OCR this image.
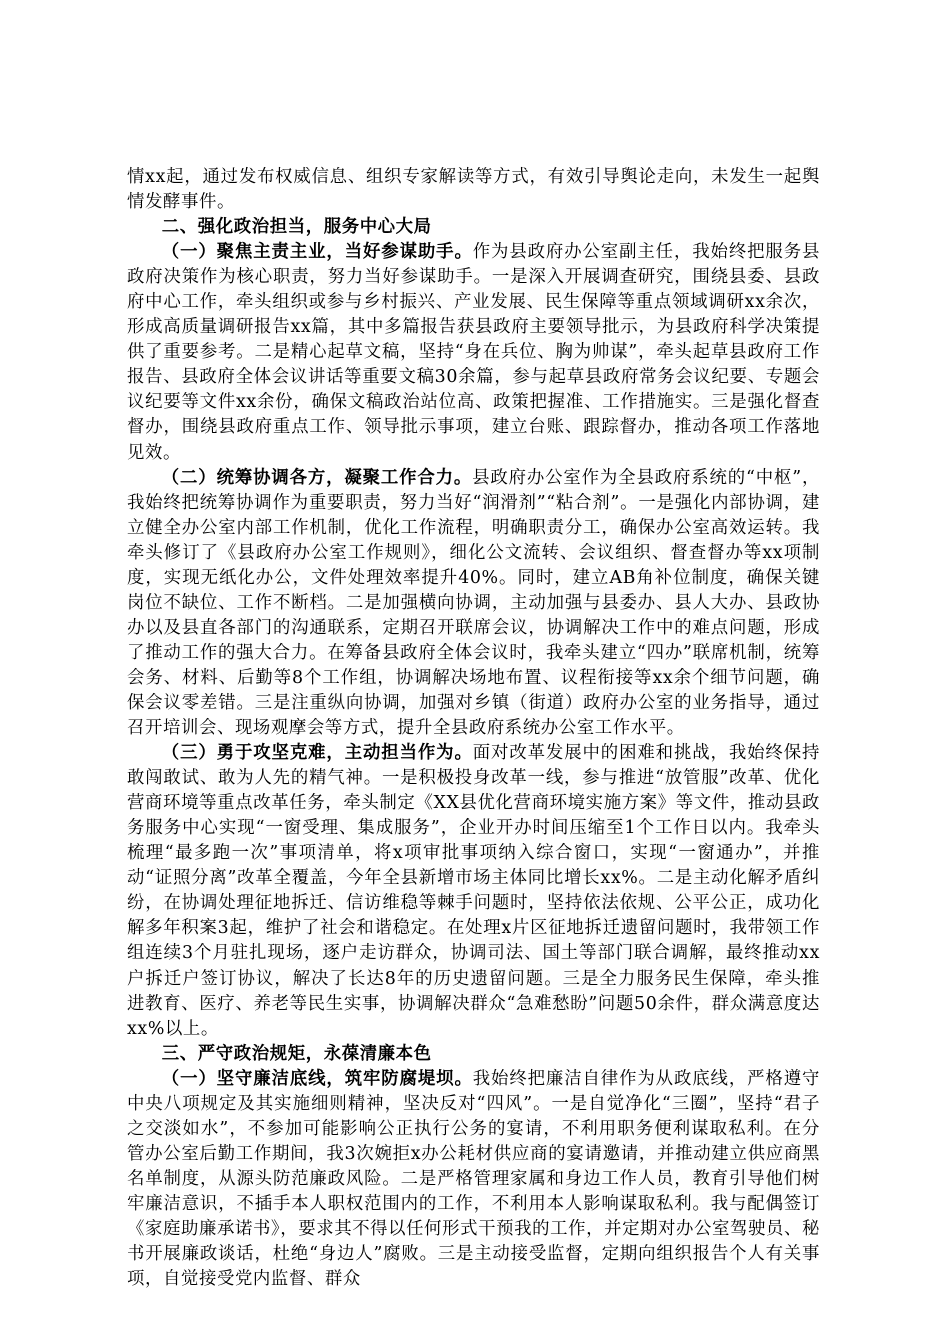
情xx起，通过发布权威信息、组织专家解读等方式，有效引导舆论走向，未发生一起舆情发酵事件。

二、强化政治担当，服务中心大局

（一）聚焦主责主业，当好参谋助手。作为县政府办公室副主任，我始终把服务县政府决策作为核心职责，努力当好参谋助手。一是深入开展调查研究，围绕县委、县政府中心工作，牵头组织或参与乡村振兴、产业发展、民生保障等重点领域调研xx余次，形成高质量调研报告xx篇，其中多篇报告获县政府主要领导批示，为县政府科学决策提供了重要参考。二是精心起草文稿，坚持“身在兵位、胸为帅谋”，牵头起草县政府工作报告、县政府全体会议讲话等重要文稿30余篇，参与起草县政府常务会议纪要、专题会议纪要等文件xx余份，确保文稿政治站位高、政策把握准、工作措施实。三是强化督查督办，围绕县政府重点工作、领导批示事项，建立台账、跟踪督办，推动各项工作落地见效。

（二）统筹协调各方，凝聚工作合力。县政府办公室作为全县政府系统的“中枢”，我始终把统筹协调作为重要职责，努力当好“润滑剂”“粘合剂”。一是强化内部协调，建立健全办公室内部工作机制，优化工作流程，明确职责分工，确保办公室高效运转。我牵头修订了《县政府办公室工作规则》，细化公文流转、会议组织、督查督办等xx项制度，实现无纸化办公，文件处理效率提升40%。同时，建立AB角补位制度，确保关键岗位不缺位、工作不断档。二是加强横向协调，主动加强与县委办、县人大办、县政协办以及县直各部门的沟通联系，定期召开联席会议，协调解决工作中的难点问题，形成了推动工作的强大合力。在筹备县政府全体会议时，我牵头建立“四办”联席机制，统筹会务、材料、后勤等8个工作组，协调解决场地布置、议程衔接等xx余个细节问题，确保会议零差错。三是注重纵向协调，加强对乡镇（街道）政府办公室的业务指导，通过召开培训会、现场观摩会等方式，提升全县政府系统办公室工作水平。

（三）勇于攻坚克难，主动担当作为。面对改革发展中的困难和挑战，我始终保持敢闯敢试、敢为人先的精气神。一是积极投身改革一线，参与推进“放管服”改革、优化营商环境等重点改革任务，牵头制定《XX县优化营商环境实施方案》等文件，推动县政务服务中心实现“一窗受理、集成服务”，企业开办时间压缩至1个工作日以内。我牵头梳理“最多跑一次”事项清单，将x项审批事项纳入综合窗口，实现“一窗通办”，并推动“证照分离”改革全覆盖，今年全县新增市场主体同比增长xx%。二是主动化解矛盾纠纷，在协调处理征地拆迁、信访维稳等棘手问题时，坚持依法依规、公平公正，成功化解多年积案3起，维护了社会和谐稳定。在处理x片区征地拆迁遗留问题时，我带领工作组连续3个月驻扎现场，逐户走访群众，协调司法、国土等部门联合调解，最终推动xx户拆迁户签订协议，解决了长达8年的历史遗留问题。三是全力服务民生保障，牵头推进教育、医疗、养老等民生实事，协调解决群众“急难愁盼”问题50余件，群众满意度达xx%以上。

三、严守政治规矩，永葆清廉本色

（一）坚守廉洁底线，筑牢防腐堤坝。我始终把廉洁自律作为从政底线，严格遵守中央八项规定及其实施细则精神，坚决反对“四风”。一是自觉净化“三圈”，坚持“君子之交淡如水”，不参加可能影响公正执行公务的宴请，不利用职务便利谋取私利。在分管办公室后勤工作期间，我3次婉拒x办公耗材供应商的宴请邀请，并推动建立供应商黑名单制度，从源头防范廉政风险。二是严格管理家属和身边工作人员，教育引导他们树牢廉洁意识，不插手本人职权范围内的工作，不利用本人影响谋取私利。我与配偶签订《家庭助廉承诺书》，要求其不得以任何形式干预我的工作，并定期对办公室驾驶员、秘书开展廉政谈话，杜绝“身边人”腐败。三是主动接受监督，定期向组织报告个人有关事项，自觉接受党内监督、群众
